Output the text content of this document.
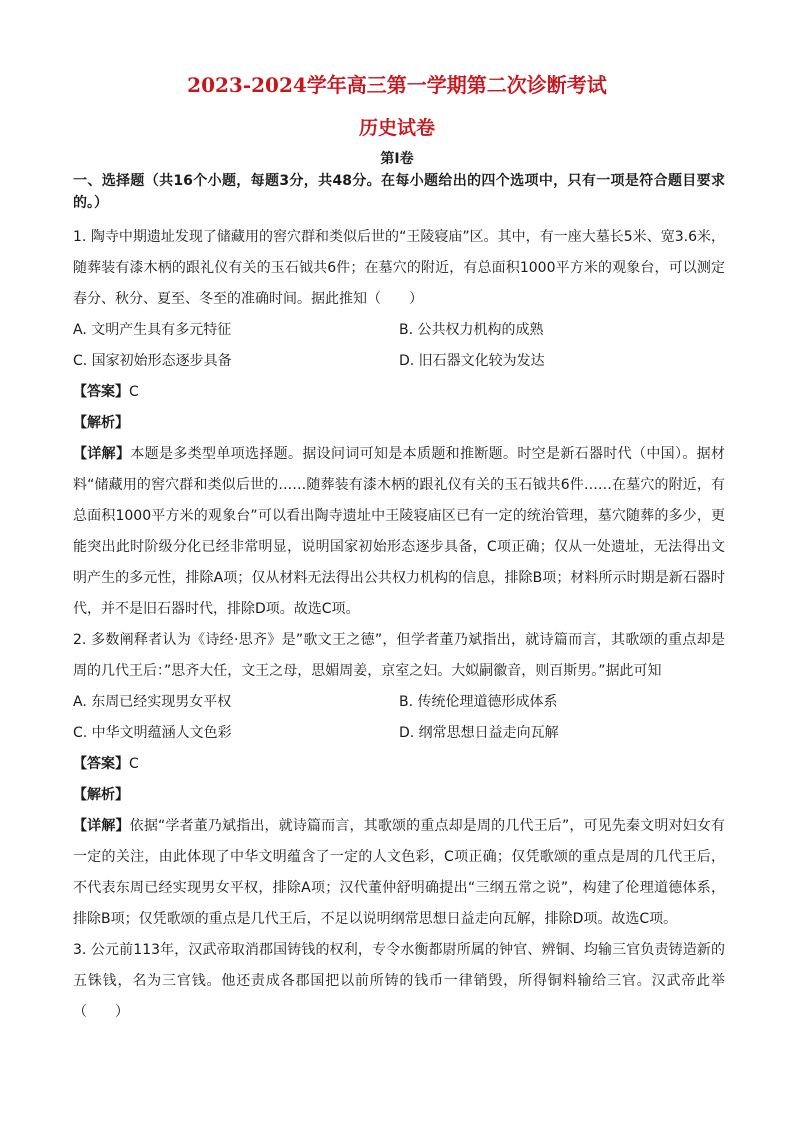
2023-2024学年高三第一学期第二次诊断考试
历史试卷
第Ⅰ卷

一、选择题（共16个小题，每题3分，共48分。在每小题给出的四个选项中，只有一项是符合题目要求的。）

1. 陶寺中期遗址发现了储藏用的窖穴群和类似后世的“王陵寝庙”区。其中，有一座大墓长5米、宽3.6米，随葬装有漆木柄的跟礼仪有关的玉石钺共6件；在墓穴的附近，有总面积1000平方米的观象台，可以测定春分、秋分、夏至、冬至的准确时间。据此推知（　　）

A. 文明产生具有多元特征	B. 公共权力机构的成熟
C. 国家初始形态逐步具备	D. 旧石器文化较为发达

【答案】C

【解析】

【详解】本题是多类型单项选择题。据设问词可知是本质题和推断题。时空是新石器时代（中国）。据材料“储藏用的窖穴群和类似后世的……随葬装有漆木柄的跟礼仪有关的玉石钺共6件……在墓穴的附近，有总面积1000平方米的观象台”可以看出陶寺遗址中王陵寝庙区已有一定的统治管理，墓穴随葬的多少，更能突出此时阶级分化已经非常明显，说明国家初始形态逐步具备，C项正确；仅从一处遗址，无法得出文明产生的多元性，排除A项；仅从材料无法得出公共权力机构的信息，排除B项；材料所示时期是新石器时代，并不是旧石器时代，排除D项。故选C项。

2. 多数阐释者认为《诗经·思齐》是”歌文王之德”，但学者董乃斌指出，就诗篇而言，其歌颂的重点却是周的几代王后：”思齐大任，文王之母，思媚周姜，京室之妇。大姒嗣徽音，则百斯男。”据此可知

A. 东周已经实现男女平权	B. 传统伦理道德形成体系
C. 中华文明蕴涵人文色彩	D. 纲常思想日益走向瓦解

【答案】C

【解析】

【详解】依据“学者董乃斌指出，就诗篇而言，其歌颂的重点却是周的几代王后”，可见先秦文明对妇女有一定的关注，由此体现了中华文明蕴含了一定的人文色彩，C项正确；仅凭歌颂的重点是周的几代王后，不代表东周已经实现男女平权，排除A项；汉代董仲舒明确提出“三纲五常之说”，构建了伦理道德体系，排除B项；仅凭歌颂的重点是几代王后，不足以说明纲常思想日益走向瓦解，排除D项。故选C项。

3. 公元前113年，汉武帝取消郡国铸钱的权利，专令水衡都尉所属的钟官、辨铜、均输三官负责铸造新的五铢钱，名为三官钱。他还责成各郡国把以前所铸的钱币一律销毁，所得铜料输给三官。汉武帝此举（　　）
